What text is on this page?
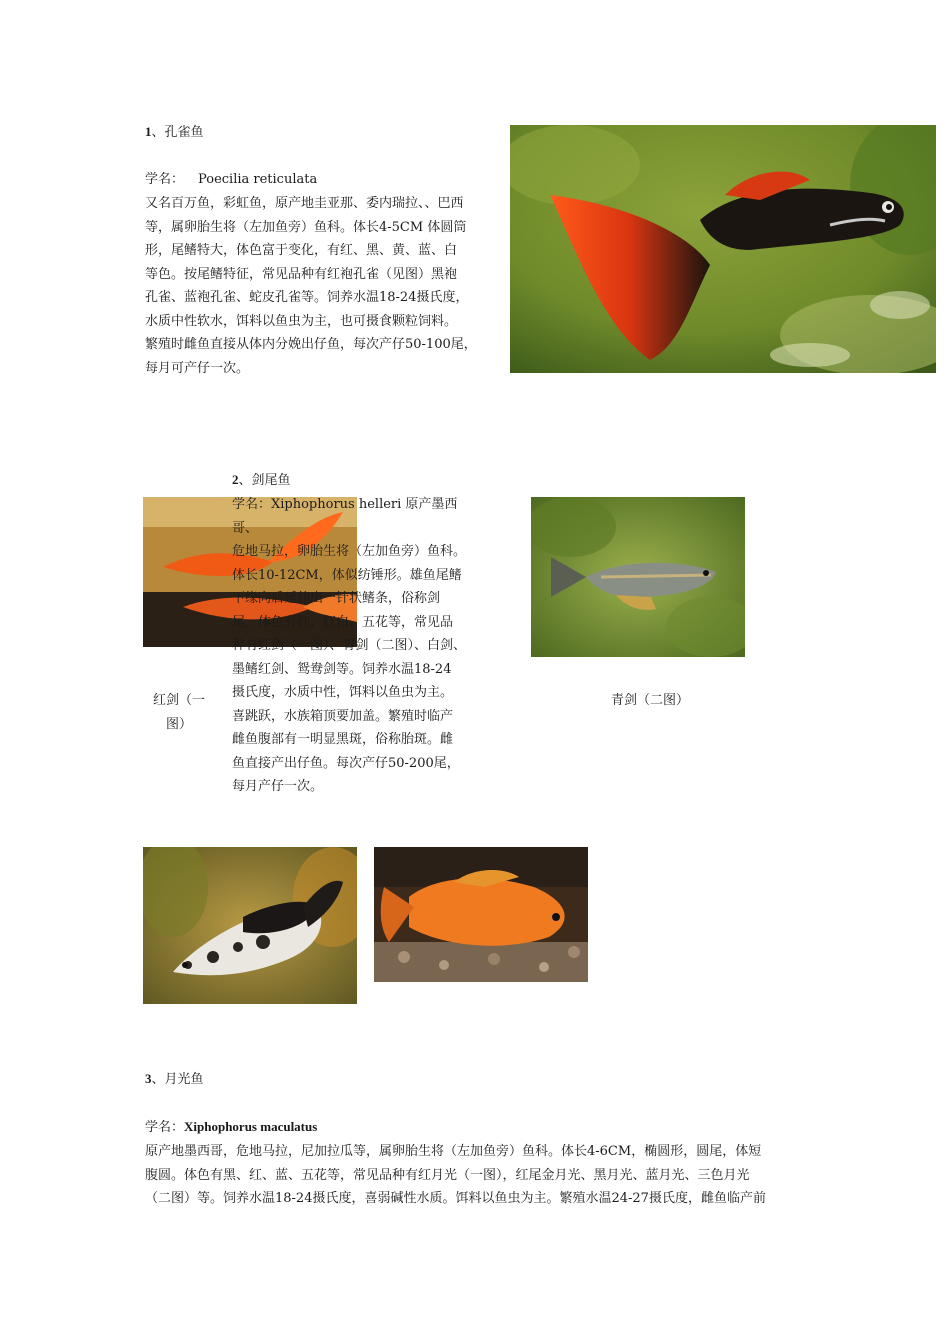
1、孔雀鱼
学名： Poecilia reticulata
又名百万鱼，彩虹鱼，原产地圭亚那、委内瑞拉、、巴西
等，属卵胎生将（左加鱼旁）鱼科。体长4-5CM 体圆筒
形，尾鳍特大，体色富于变化，有红、黑、黄、蓝、白
等色。按尾鳍特征，常见品种有红袍孔雀（见图）黑袍
孔雀、蓝袍孔雀、蛇皮孔雀等。饲养水温18-24摄氏度，
水质中性软水，饵料以鱼虫为主，也可摄食颗粒饲料。
繁殖时雌鱼直接从体内分娩出仔鱼，每次产仔50-100尾，
每月可产仔一次。
2、剑尾鱼
学名：Xiphophorus helleri 原产墨西哥、
危地马拉，卵胎生将（左加鱼旁）鱼科。
体长10-12CM，体似纺锤形。雄鱼尾鳍
下缘向后延伸出一针状鳍条，俗称剑
尾。体色有红、红白、五花等，常见品
种有红剑（一图）、青剑（二图）、白剑、
墨鳍红剑、鸳鸯剑等。饲养水温18-24
摄氏度，水质中性，饵料以鱼虫为主。
喜跳跃，水族箱顶要加盖。繁殖时临产
雌鱼腹部有一明显黑斑，俗称胎斑。雌
鱼直接产出仔鱼。每次产仔50-200尾，
每月产仔一次。
红剑（一
图）
青剑（二图）
3、月光鱼
学名：Xiphophorus maculatus
原产地墨西哥，危地马拉，尼加拉瓜等，属卵胎生将（左加鱼旁）鱼科。体长4-6CM，椭圆形，圆尾，体短
腹圆。体色有黑、红、蓝、五花等，常见品种有红月光（一图），红尾金月光、黑月光、蓝月光、三色月光
（二图）等。饲养水温18-24摄氏度，喜弱碱性水质。饵料以鱼虫为主。繁殖水温24-27摄氏度，雌鱼临产前
